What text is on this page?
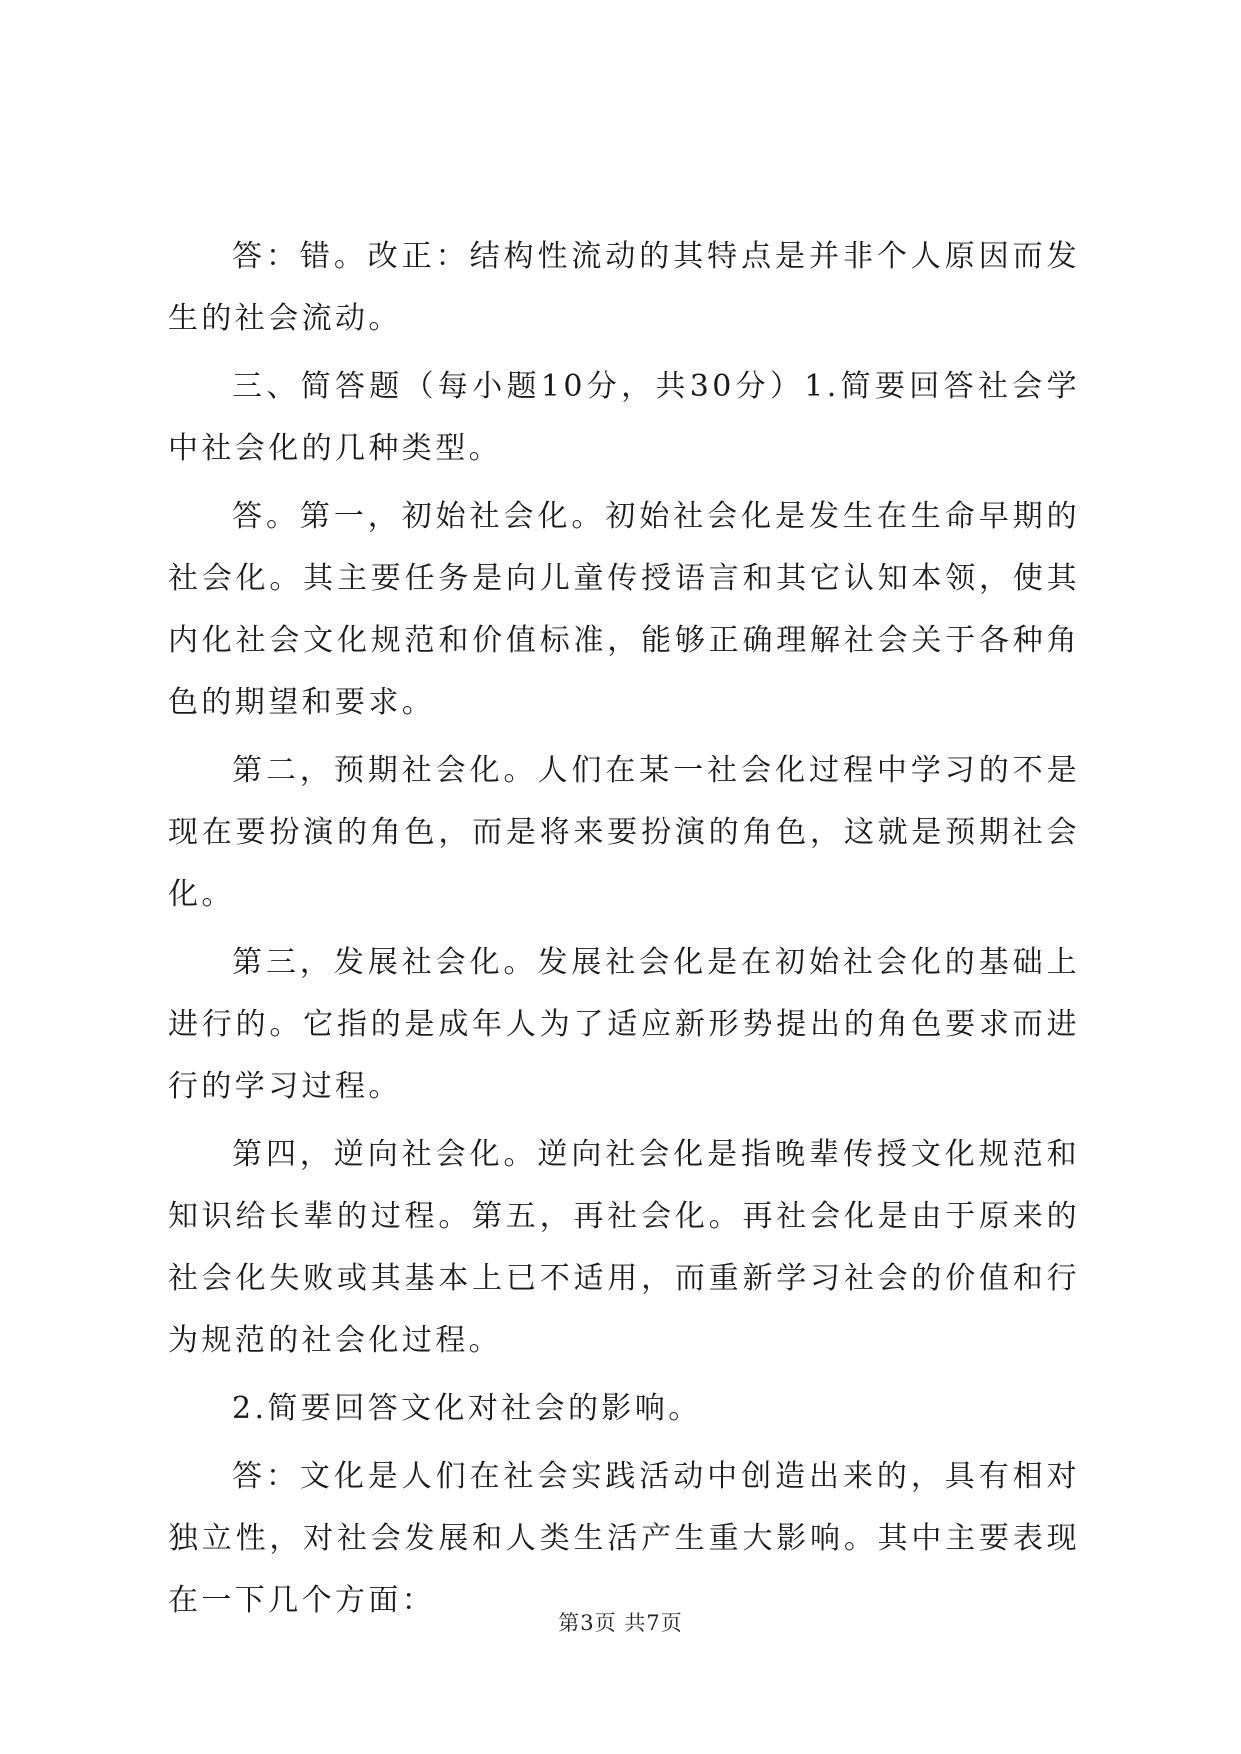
答：错。改正：结构性流动的其特点是并非个人原因而发生的社会流动。

三、简答题（每小题10分，共30分）1.简要回答社会学中社会化的几种类型。

答。第一，初始社会化。初始社会化是发生在生命早期的社会化。其主要任务是向儿童传授语言和其它认知本领，使其内化社会文化规范和价值标准，能够正确理解社会关于各种角色的期望和要求。

第二，预期社会化。人们在某一社会化过程中学习的不是现在要扮演的角色，而是将来要扮演的角色，这就是预期社会化。

第三，发展社会化。发展社会化是在初始社会化的基础上进行的。它指的是成年人为了适应新形势提出的角色要求而进行的学习过程。

第四，逆向社会化。逆向社会化是指晚辈传授文化规范和知识给长辈的过程。第五，再社会化。再社会化是由于原来的社会化失败或其基本上已不适用，而重新学习社会的价值和行为规范的社会化过程。

2.简要回答文化对社会的影响。

答：文化是人们在社会实践活动中创造出来的，具有相对独立性，对社会发展和人类生活产生重大影响。其中主要表现在一下几个方面：

第3页 共7页
